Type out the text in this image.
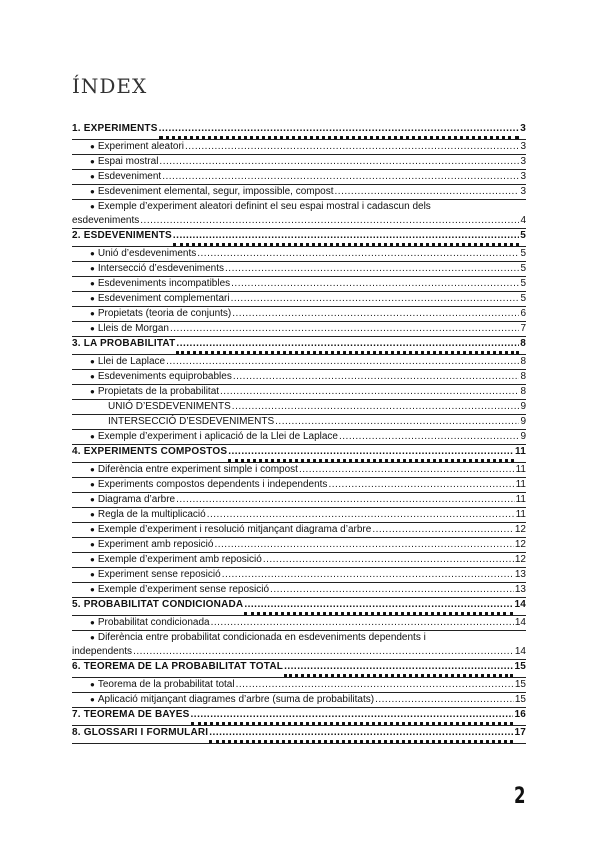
ÍNDEX
1. EXPERIMENTS .....	3
● Experiment aleatori .....	3
● Espai mostral .....	3
● Esdeveniment .....	3
● Esdeveniment elemental, segur, impossible, compost .....	3
● Exemple d’experiment aleatori definint el seu espai mostral i cadascun dels
esdeveniments .....	4
2. ESDEVENIMENTS .....	5
● Unió d’esdeveniments .....	5
● Intersecció d’esdeveniments .....	5
● Esdeveniments incompatibles .....	5
● Esdeveniment complementari .....	5
● Propietats (teoria de conjunts) .....	6
● Lleis de Morgan .....	7
3. LA PROBABILITAT .....	8
● Llei de Laplace .....	8
● Esdeveniments equiprobables .....	8
● Propietats de la probabilitat .....	8
UNIÓ D’ESDEVENIMENTS .....	9
INTERSECCIÓ D’ESDEVENIMENTS .....	9
● Exemple d’experiment i aplicació de la Llei de Laplace .....	9
4. EXPERIMENTS COMPOSTOS .....	11
● Diferència entre experiment simple i compost .....	11
● Experiments compostos dependents i independents .....	11
● Diagrama d’arbre .....	11
● Regla de la multiplicació .....	11
● Exemple d’experiment i resolució mitjançant diagrama d’arbre .....	12
● Experiment amb reposició .....	12
● Exemple d’experiment amb reposició .....	12
● Experiment sense reposició .....	13
● Exemple d’experiment sense reposició .....	13
5. PROBABILITAT CONDICIONADA .....	14
● Probabilitat condicionada .....	14
● Diferència entre probabilitat condicionada en esdeveniments dependents i
independents .....	14
6. TEOREMA DE LA PROBABILITAT TOTAL .....	15
● Teorema de la probabilitat total .....	15
● Aplicació mitjançant diagrames d’arbre (suma de probabilitats) .....	15
7. TEOREMA DE BAYES .....	16
8. GLOSSARI I FORMULARI .....	17
2
